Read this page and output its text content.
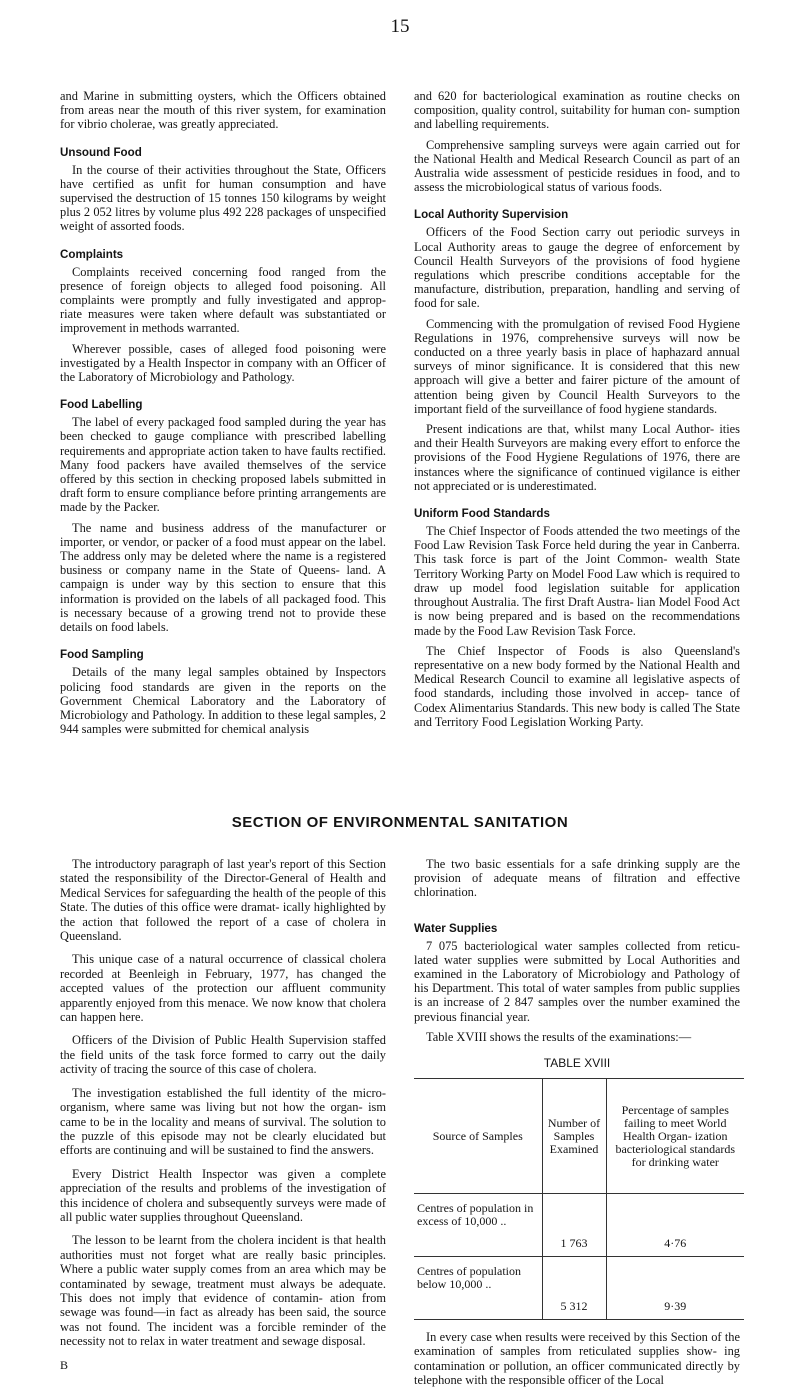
15

and Marine in submitting oysters, which the Officers obtained from areas near the mouth of this river system, for examination for vibrio cholerae, was greatly appreciated.

Unsound Food

In the course of their activities throughout the State, Officers have certified as unfit for human consumption and have supervised the destruction of 15 tonnes 150 kilograms by weight plus 2 052 litres by volume plus 492 228 packages of unspecified weight of assorted foods.

Complaints

Complaints received concerning food ranged from the presence of foreign objects to alleged food poisoning. All complaints were promptly and fully investigated and approp- riate measures were taken where default was substantiated or improvement in methods warranted.

Wherever possible, cases of alleged food poisoning were investigated by a Health Inspector in company with an Officer of the Laboratory of Microbiology and Pathology.

Food Labelling

The label of every packaged food sampled during the year has been checked to gauge compliance with prescribed labelling requirements and appropriate action taken to have faults rectified. Many food packers have availed themselves of the service offered by this section in checking proposed labels submitted in draft form to ensure compliance before printing arrangements are made by the Packer.

The name and business address of the manufacturer or importer, or vendor, or packer of a food must appear on the label. The address only may be deleted where the name is a registered business or company name in the State of Queens- land. A campaign is under way by this section to ensure that this information is provided on the labels of all packaged food. This is necessary because of a growing trend not to provide these details on food labels.

Food Sampling

Details of the many legal samples obtained by Inspectors policing food standards are given in the reports on the Government Chemical Laboratory and the Laboratory of Microbiology and Pathology. In addition to these legal samples, 2 944 samples were submitted for chemical analysis

and 620 for bacteriological examination as routine checks on composition, quality control, suitability for human con- sumption and labelling requirements.

Comprehensive sampling surveys were again carried out for the National Health and Medical Research Council as part of an Australia wide assessment of pesticide residues in food, and to assess the microbiological status of various foods.

Local Authority Supervision

Officers of the Food Section carry out periodic surveys in Local Authority areas to gauge the degree of enforcement by Council Health Surveyors of the provisions of food hygiene regulations which prescribe conditions acceptable for the manufacture, distribution, preparation, handling and serving of food for sale.

Commencing with the promulgation of revised Food Hygiene Regulations in 1976, comprehensive surveys will now be conducted on a three yearly basis in place of haphazard annual surveys of minor significance. It is considered that this new approach will give a better and fairer picture of the amount of attention being given by Council Health Surveyors to the important field of the surveillance of food hygiene standards.

Present indications are that, whilst many Local Author- ities and their Health Surveyors are making every effort to enforce the provisions of the Food Hygiene Regulations of 1976, there are instances where the significance of continued vigilance is either not appreciated or is underestimated.

Uniform Food Standards

The Chief Inspector of Foods attended the two meetings of the Food Law Revision Task Force held during the year in Canberra. This task force is part of the Joint Common- wealth State Territory Working Party on Model Food Law which is required to draw up model food legislation suitable for application throughout Australia. The first Draft Austra- lian Model Food Act is now being prepared and is based on the recommendations made by the Food Law Revision Task Force.

The Chief Inspector of Foods is also Queensland's representative on a new body formed by the National Health and Medical Research Council to examine all legislative aspects of food standards, including those involved in accep- tance of Codex Alimentarius Standards. This new body is called The State and Territory Food Legislation Working Party.

SECTION OF ENVIRONMENTAL SANITATION

The introductory paragraph of last year's report of this Section stated the responsibility of the Director-General of Health and Medical Services for safeguarding the health of the people of this State. The duties of this office were dramat- ically highlighted by the action that followed the report of a case of cholera in Queensland.

This unique case of a natural occurrence of classical cholera recorded at Beenleigh in February, 1977, has changed the accepted values of the protection our affluent community apparently enjoyed from this menace. We now know that cholera can happen here.

Officers of the Division of Public Health Supervision staffed the field units of the task force formed to carry out the daily activity of tracing the source of this case of cholera.

The investigation established the full identity of the micro-organism, where same was living but not how the organ- ism came to be in the locality and means of survival. The solution to the puzzle of this episode may not be clearly elucidated but efforts are continuing and will be sustained to find the answers.

Every District Health Inspector was given a complete appreciation of the results and problems of the investigation of this incidence of cholera and subsequently surveys were made of all public water supplies throughout Queensland.

The lesson to be learnt from the cholera incident is that health authorities must not forget what are really basic principles. Where a public water supply comes from an area which may be contaminated by sewage, treatment must always be adequate. This does not imply that evidence of contamin- ation from sewage was found—in fact as already has been said, the source was not found. The incident was a forcible reminder of the necessity not to relax in water treatment and sewage disposal.

B

The two basic essentials for a safe drinking supply are the provision of adequate means of filtration and effective chlorination.

Water Supplies

7 075 bacteriological water samples collected from reticu- lated water supplies were submitted by Local Authorities and examined in the Laboratory of Microbiology and Pathology of his Department. This total of water samples from public supplies is an increase of 2 847 samples over the number examined the previous financial year.

Table XVIII shows the results of the examinations:—

TABLE XVIII
Source of Samples	Number of Samples Examined	Percentage of samples failing to meet World Health Organ- ization bacteriological standards for drinking water
Centres of population in excess of 10,000 ..	1 763	4·76
Centres of population below 10,000 ..	5 312	9·39

In every case when results were received by this Section of the examination of samples from reticulated supplies show- ing contamination or pollution, an officer communicated directly by telephone with the responsible officer of the Local
